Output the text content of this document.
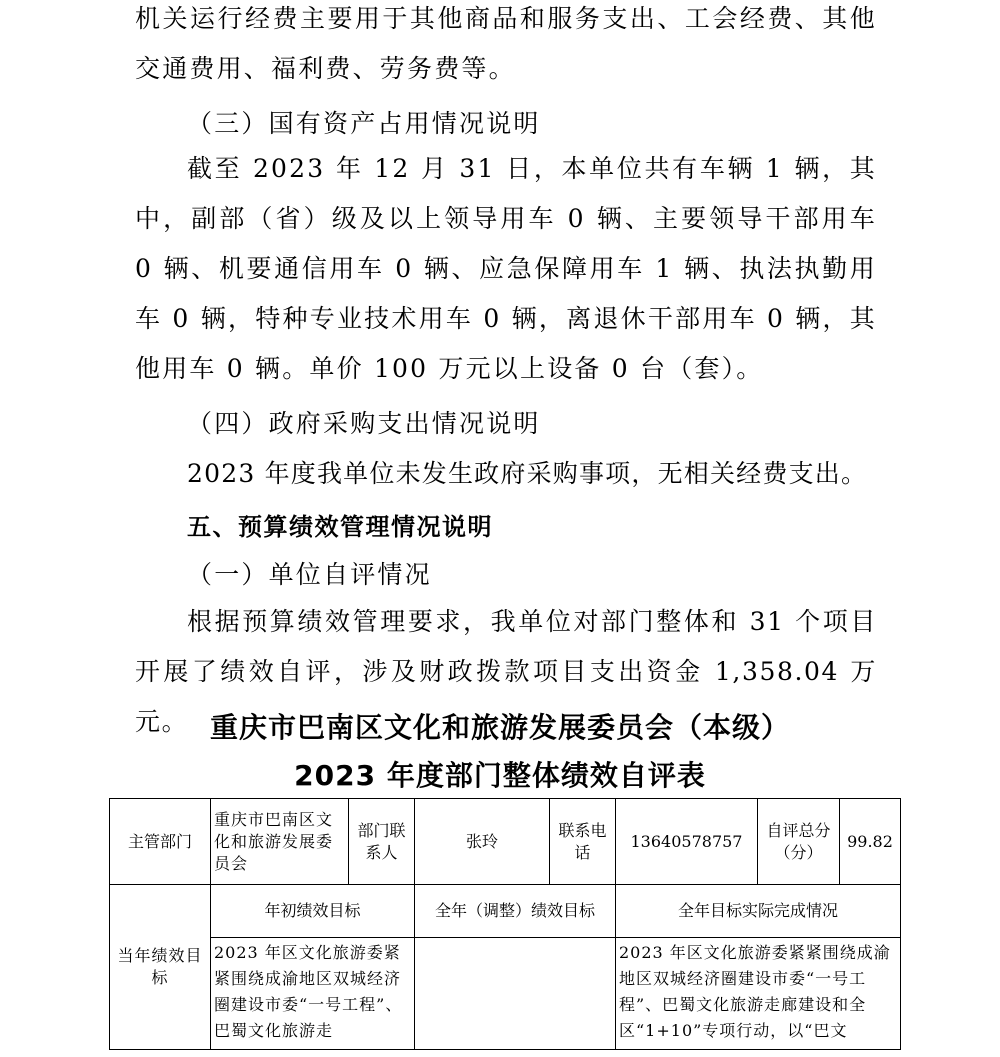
机关运行经费主要用于其他商品和服务支出、工会经费、其他交通费用、福利费、劳务费等。
（三）国有资产占用情况说明
截至 2023 年 12 月 31 日，本单位共有车辆 1 辆，其中，副部（省）级及以上领导用车 0 辆、主要领导干部用车 0 辆、机要通信用车 0 辆、应急保障用车 1 辆、执法执勤用车 0 辆，特种专业技术用车 0 辆，离退休干部用车 0 辆，其他用车 0 辆。单价 100 万元以上设备 0 台（套）。
（四）政府采购支出情况说明
2023 年度我单位未发生政府采购事项，无相关经费支出。
五、预算绩效管理情况说明
（一）单位自评情况
根据预算绩效管理要求，我单位对部门整体和 31 个项目开展了绩效自评，涉及财政拨款项目支出资金 1,358.04 万元。 重庆市巴南区文化和旅游发展委员会（本级）
2023 年度部门整体绩效自评表
主管部门	重庆市巴南区文化和旅游发展委员会	部门联系人	张玲	联系电话	13640578757	自评总分（分）	99.82
当年绩效目标	年初绩效目标		全年（调整）绩效目标		全年目标实际完成情况		
	2023 年区文化旅游委紧紧围绕成渝地区双城经济圈建设市委“一号工程”、巴蜀文化旅游走				2023 年区文化旅游委紧紧围绕成渝地区双城经济圈建设市委“一号工程”、巴蜀文化旅游走廊建设和全区“1+10”专项行动，以“巴文		
